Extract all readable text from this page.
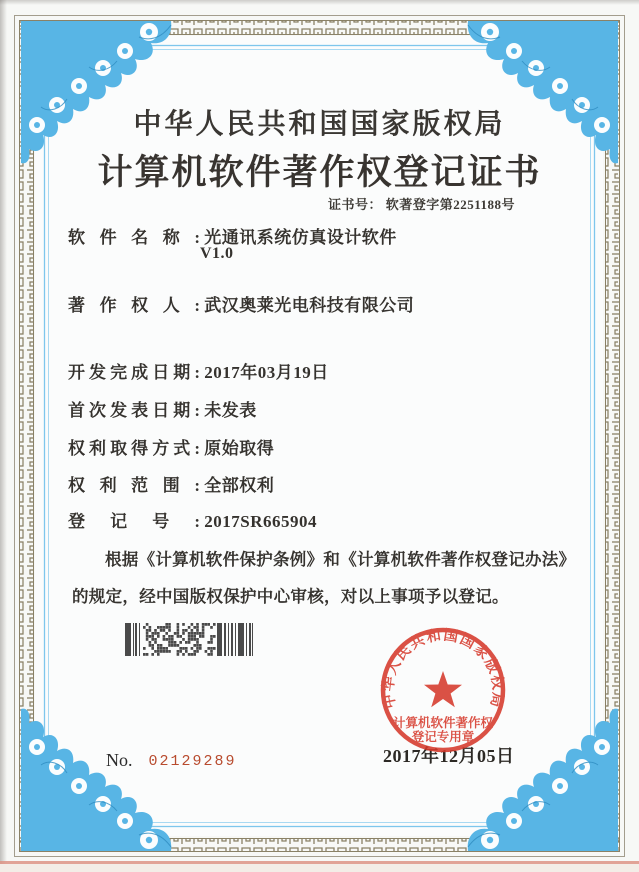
中华人民共和国国家版权局
计算机软件著作权登记证书
证书号： 软著登字第2251188号
软件名称: 光通讯系统仿真设计软件
V1.0
著作权人: 武汉奥莱光电科技有限公司
开发完成日期: 2017年03月19日
首次发表日期: 未发表
权利取得方式: 原始取得
权利范围: 全部权利
登记号: 2017SR665904

根据《计算机软件保护条例》和《计算机软件著作权登记办法》的规定，经中国版权保护中心审核，对以上事项予以登记。

2017年12月05日
中华人民共和国国家版权局
计算机软件著作权
登记专用章
No. 02129289
